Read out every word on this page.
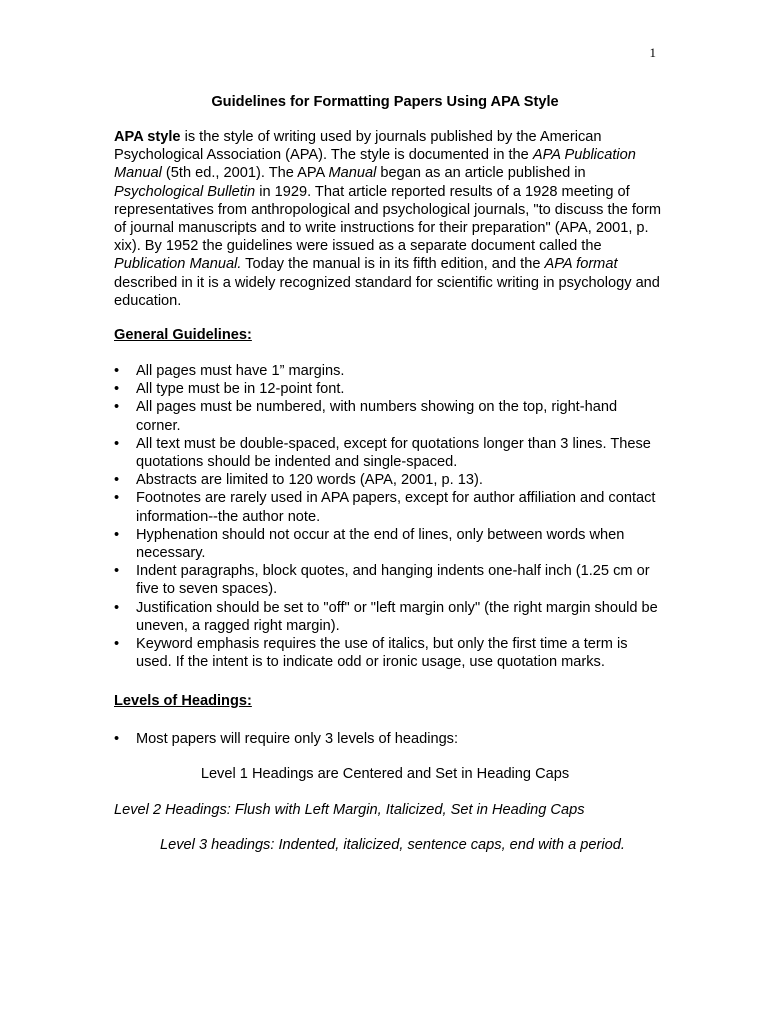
1
Guidelines for Formatting Papers Using APA Style

APA style is the style of writing used by journals published by the American Psychological Association (APA). The style is documented in the APA Publication Manual (5th ed., 2001). The APA Manual began as an article published in Psychological Bulletin in 1929. That article reported results of a 1928 meeting of representatives from anthropological and psychological journals, "to discuss the form of journal manuscripts and to write instructions for their preparation" (APA, 2001, p. xix). By 1952 the guidelines were issued as a separate document called the Publication Manual. Today the manual is in its fifth edition, and the APA format described in it is a widely recognized standard for scientific writing in psychology and education.

General Guidelines:

• All pages must have 1” margins.
• All type must be in 12-point font.
• All pages must be numbered, with numbers showing on the top, right-hand corner.
• All text must be double-spaced, except for quotations longer than 3 lines. These quotations should be indented and single-spaced.
• Abstracts are limited to 120 words (APA, 2001, p. 13).
• Footnotes are rarely used in APA papers, except for author affiliation and contact information--the author note.
• Hyphenation should not occur at the end of lines, only between words when necessary.
• Indent paragraphs, block quotes, and hanging indents one-half inch (1.25 cm or five to seven spaces).
• Justification should be set to "off" or "left margin only" (the right margin should be uneven, a ragged right margin).
• Keyword emphasis requires the use of italics, but only the first time a term is used. If the intent is to indicate odd or ironic usage, use quotation marks.

Levels of Headings:

• Most papers will require only 3 levels of headings:

Level 1 Headings are Centered and Set in Heading Caps

Level 2 Headings: Flush with Left Margin, Italicized, Set in Heading Caps

Level 3 headings: Indented, italicized, sentence caps, end with a period.
